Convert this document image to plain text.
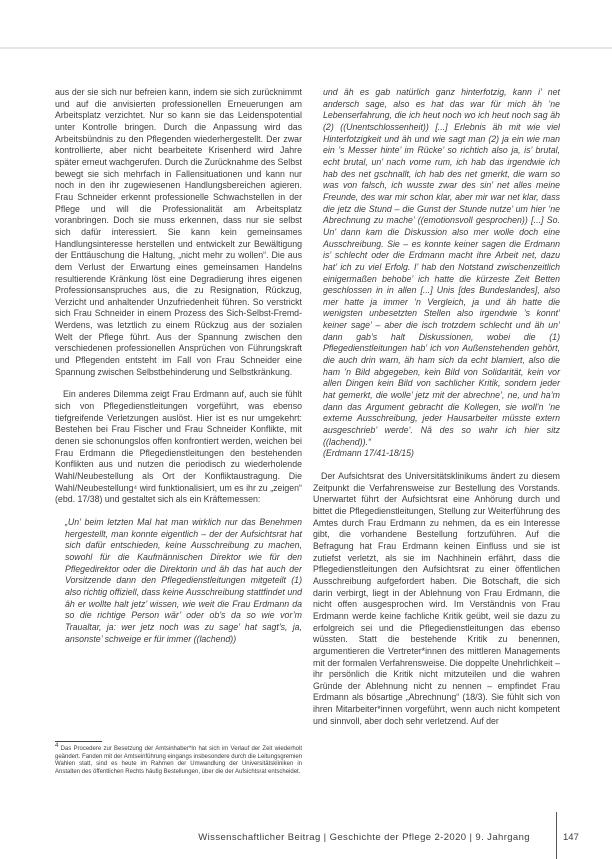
1930	1940	1950	1960	1970	1980	1990	2000	2010	2020

aus der sie sich nur befreien kann, indem sie sich zurücknimmt und auf die anvisierten professionellen Erneuerungen am Arbeitsplatz verzichtet. Nur so kann sie das Leidenspotential unter Kontrolle bringen. Durch die Anpassung wird das Arbeitsbündnis zu den Pflegenden wiederhergestellt. Der zwar kontrollierte, aber nicht bearbeitete Krisenherd wird Jahre später erneut wachgerufen. Durch die Zurücknahme des Selbst bewegt sie sich mehrfach in Fallensituationen und kann nur noch in den ihr zugewiesenen Handlungsbereichen agieren. Frau Schneider erkennt professionelle Schwachstellen in der Pflege und will die Professionalität am Arbeitsplatz voranbringen. Doch sie muss erkennen, dass nur sie selbst sich dafür interessiert. Sie kann kein gemeinsames Handlungsinteresse herstellen und entwickelt zur Bewältigung der Enttäuschung die Haltung, „nicht mehr zu wollen“. Die aus dem Verlust der Erwartung eines gemeinsamen Handelns resultierende Kränkung löst eine Degradierung ihres eigenen Professionsanspruches aus, die zu Resignation, Rückzug, Verzicht und anhaltender Unzufriedenheit führen. So verstrickt sich Frau Schneider in einem Prozess des Sich-Selbst-Fremd-Werdens, was letztlich zu einem Rückzug aus der sozialen Welt der Pflege führt. Aus der Spannung zwischen den verschiedenen professionellen Ansprüchen von Führungskraft und Pflegenden entsteht im Fall von Frau Schneider eine Spannung zwischen Selbstbehinderung und Selbstkränkung.

Ein anderes Dilemma zeigt Frau Erdmann auf, auch sie fühlt sich von Pflegedienstleitungen vorgeführt, was ebenso tiefgreifende Verletzungen auslöst. Hier ist es nur umgekehrt: Bestehen bei Frau Fischer und Frau Schneider Konflikte, mit denen sie schonungslos offen konfrontiert werden, weichen bei Frau Erdmann die Pflegedienstleitungen den bestehenden Konflikten aus und nutzen die periodisch zu wiederholende Wahl/Neubestellung als Ort der Konfliktaustragung. Die Wahl/Neubestellung⁴ wird funktionalisiert, um es ihr zu „zeigen“ (ebd. 17/38) und gestaltet sich als ein Kräftemessen:

„Un’ beim letzten Mal hat man wirklich nur das Benehmen hergestellt, man konnte eigentlich – der der Aufsichtsrat hat sich dafür entschieden, keine Ausschreibung zu machen, sowohl für die Kaufmännischen Direktor wie für den Pflegedirektor oder die Direktorin und äh das hat auch der Vorsitzende dann den Pflegedienstleitungen mitgeteilt (1) also richtig offiziell, dass keine Ausschreibung stattfindet und äh er wollte halt jetz’ wissen, wie weit die Frau Erdmann da so die richtige Person wär’ oder ob’s da so wie vor’m Traualtar, ja: wer jetz noch was zu sage’ hat sagt’s, ja, ansonste’ schweige er für immer ((lachend))

$^4$ Das Procedere zur Besetzung der Amtsinhaber*In hat sich im Verlauf der Zeit wiederholt geändert. Fanden mit der Amtseinführung eingangs insbesondere durch die Leitungsgremien Wahlen statt, sind es heute im Rahmen der Umwandlung der Universitätskliniken in Anstalten des öffentlichen Rechts häufig Bestellungen, über die der Aufsichtsrat entscheidet.

und äh es gab natürlich ganz hinterfotzig, kann i’ net andersch sage, also es hat das war für mich äh ’ne Lebenserfahrung, die ich heut noch wo ich heut noch sag äh (2) ((Unentschlossenheit)) [...] Erlebnis äh mit wie viel Hinterfotzigkeit und äh und wie sagt man (2) ja ein wie man ein ’s Messer hinte’ im Rücke’ so richtich also ja, is’ brutal, echt brutal, un’ nach vorne rum, ich hab das irgendwie ich hab des net gschnallt, ich hab des net gmerkt, die warn so was von falsch, ich wusste zwar des sin’ net alles meine Freunde, des war mir schon klar, aber mir war net klar, dass die jetz die Stund – die Gunst der Stunde nutze’ um hier ’ne Abrechnung zu mache’ ((emotionsvoll gesprochen)) [...] So. Un’ dann kam die Diskussion also mer wolle doch eine Ausschreibung. Sie – es konnte keiner sagen die Erdmann is’ schlecht oder die Erdmann macht ihre Arbeit net, dazu hat’ ich zu viel Erfolg. I’ hab den Notstand zwischenzeitlich einigermaßen behobe’ ich hatte die kürzeste Zeit Betten geschlossen in in allen [...] Unis [des Bundeslandes], also mer hatte ja immer ’n Vergleich, ja und äh hatte die wenigsten unbesetzten Stellen also irgendwie ’s konnt’ keiner sage’ – aber die isch trotzdem schlecht und äh un’ dann gab’s halt Diskussionen, wobei die (1) Pflegedienstleitungen hab’ ich von Außenstehenden gehört, die auch drin warn, äh ham sich da echt blamiert, also die ham ’n Bild abgegeben, kein Bild von Solidarität, kein vor allen Dingen kein Bild von sachlicher Kritik, sondern jeder hat gemerkt, die wolle’ jetz mit der abrechne’, ne, und ha’m dann das Argument gebracht die Kollegen, sie woll’n ’ne externe Ausschreibung, jeder Hausarbeiter müsste extern ausgeschrieb’ werde’. Nä des so wahr ich hier sitz ((lachend)).“

(Erdmann 17/41-18/15)

Der Aufsichtsrat des Universitätsklinikums ändert zu diesem Zeitpunkt die Verfahrensweise zur Bestellung des Vorstands. Unerwartet führt der Aufsichtsrat eine Anhörung durch und bittet die Pflegedienstleitungen, Stellung zur Weiterführung des Amtes durch Frau Erdmann zu nehmen, da es ein Interesse gibt, die vorhandene Bestellung fortzuführen. Auf die Befragung hat Frau Erdmann keinen Einfluss und sie ist zutiefst verletzt, als sie im Nachhinein erfährt, dass die Pflegedienstleitungen den Aufsichtsrat zu einer öffentlichen Ausschreibung aufgefordert haben. Die Botschaft, die sich darin verbirgt, liegt in der Ablehnung von Frau Erdmann, die nicht offen ausgesprochen wird. Im Verständnis von Frau Erdmann werde keine fachliche Kritik geübt, weil sie dazu zu erfolgreich sei und die Pflegedienstleitungen das ebenso wüssten. Statt die bestehende Kritik zu benennen, argumentieren die Vertreter*innen des mittleren Managements mit der formalen Verfahrensweise. Die doppelte Unehrlichkeit – ihr persönlich die Kritik nicht mitzuteilen und die wahren Gründe der Ablehnung nicht zu nennen – empfindet Frau Erdmann als bösartige „Abrechnung“ (18/3). Sie fühlt sich von ihren Mitarbeiter*innen vorgeführt, wenn auch nicht kompetent und sinnvoll, aber doch sehr verletzend. Auf der

Wissenschaftlicher Beitrag | Geschichte der Pflege 2-2020 | 9. Jahrgang	147
